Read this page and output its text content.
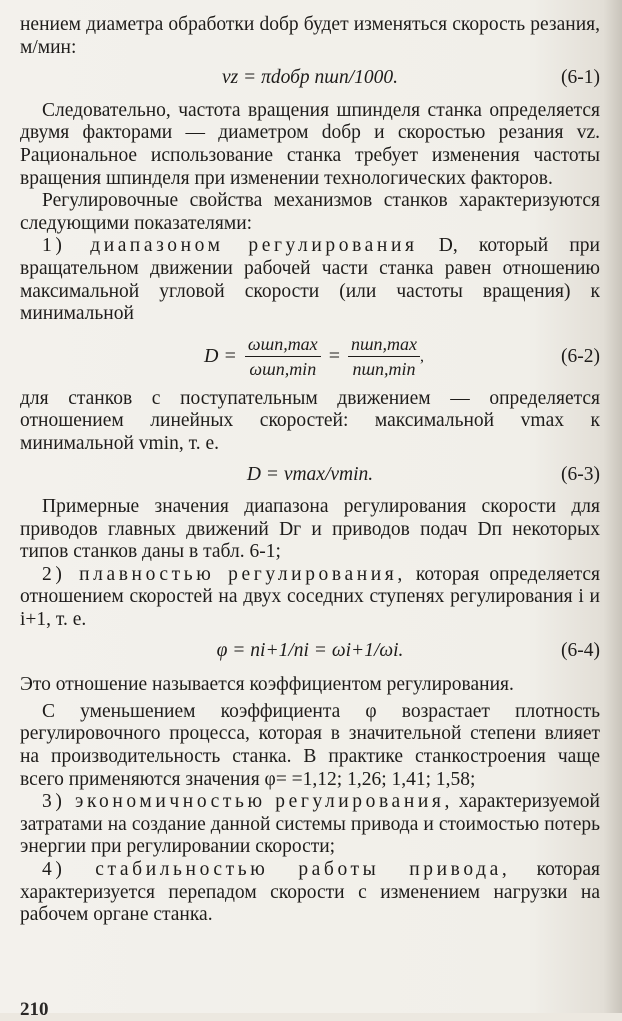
нением диаметра обработки dобр будет изменяться скорость резания, м/мин:

vz = πdобр nшп/1000.	(6-1)

Следовательно, частота вращения шпинделя станка определяется двумя факторами — диаметром dобр и скоростью резания vz. Рациональное использование станка требует изменения частоты вращения шпинделя при изменении технологических факторов.

Регулировочные свойства механизмов станков характеризуются следующими показателями:

1) диапазоном регулирования D, который при вращательном движении рабочей части станка равен отношению максимальной угловой скорости (или частоты вращения) к минимальной

$D = \frac{\text{ωшп,max}}{\text{ωшп,min}} = \frac{\text{nшп,max}}{\text{nшп,min}}$ ,	(6-2)

для станков с поступательным движением — определяется отношением линейных скоростей: максимальной vmax к минимальной vmin, т. е.

D = vmax/vmin.	(6-3)

Примерные значения диапазона регулирования скорости для приводов главных движений Dг и приводов подач Dп некоторых типов станков даны в табл. 6-1;

2) плавностью регулирования, которая определяется отношением скоростей на двух соседних ступенях регулирования i и i+1, т. е.

φ = ni+1/ni = ωi+1/ωi.	(6-4)

Это отношение называется коэффициентом регулирования.

С уменьшением коэффициента φ возрастает плотность регулировочного процесса, которая в значительной степени влияет на производительность станка. В практике станкостроения чаще всего применяются значения φ= =1,12; 1,26; 1,41; 1,58;

3) экономичностью регулирования, характеризуемой затратами на создание данной системы привода и стоимостью потерь энергии при регулировании скорости;

4) стабильностью работы привода, которая характеризуется перепадом скорости с изменением нагрузки на рабочем органе станка.

210
